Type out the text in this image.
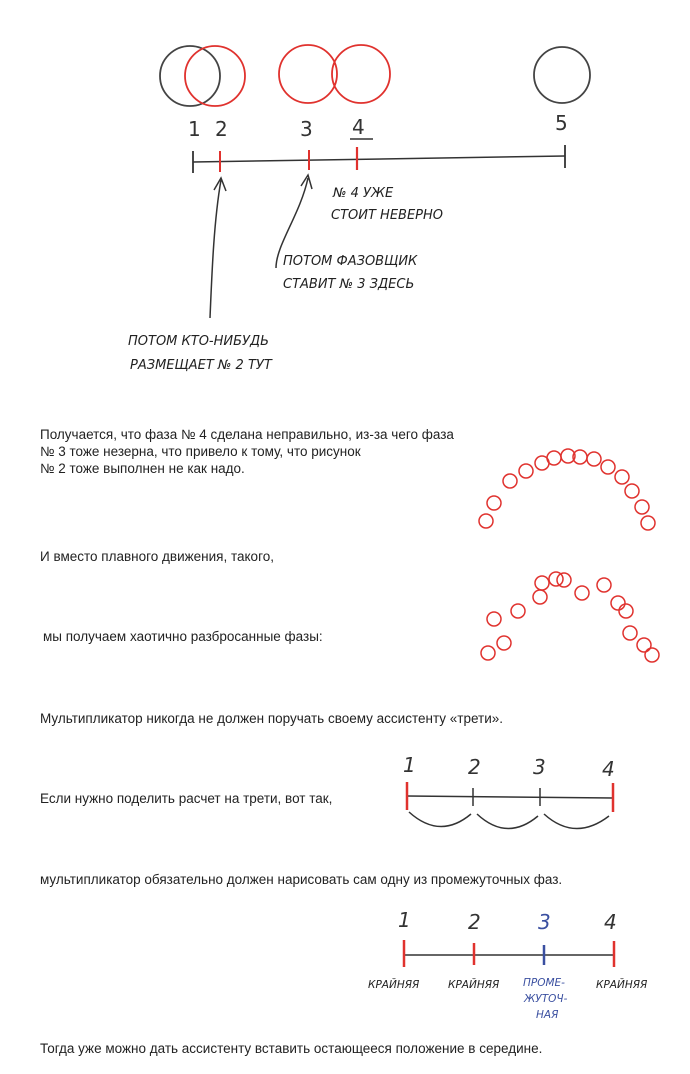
1 2	3 4	5
№ 4 УЖЕ
СТОИТ НЕВЕРНО
ПОТОМ ФАЗОВЩИК
СТАВИТ № 3 ЗДЕСЬ
ПОТОМ КТО-НИБУДЬ
РАЗМЕЩАЕТ № 2 ТУТ
Получается, что фаза № 4 сделана неправильно, из-за чего фаза
№ 3 тоже незерна, что привело к тому, что рисунок
№ 2 тоже выполнен не как надо.
И вместо плавного движения, такого,
мы получаем хаотично разбросанные фазы:
Мультипликатор никогда не должен поручать своему ассистенту «трети».
1	2	3	4
Если нужно поделить расчет на трети, вот так,
мультипликатор обязательно должен нарисовать сам одну из промежуточных фаз.
1	2	3	4
КРАЙНЯЯ	КРАЙНЯЯ ПРОМЕ-
ЖУТОЧ-
НАЯ
КРАЙНЯЯ
Тогда уже можно дать ассистенту вставить остающееся положение в середине.
